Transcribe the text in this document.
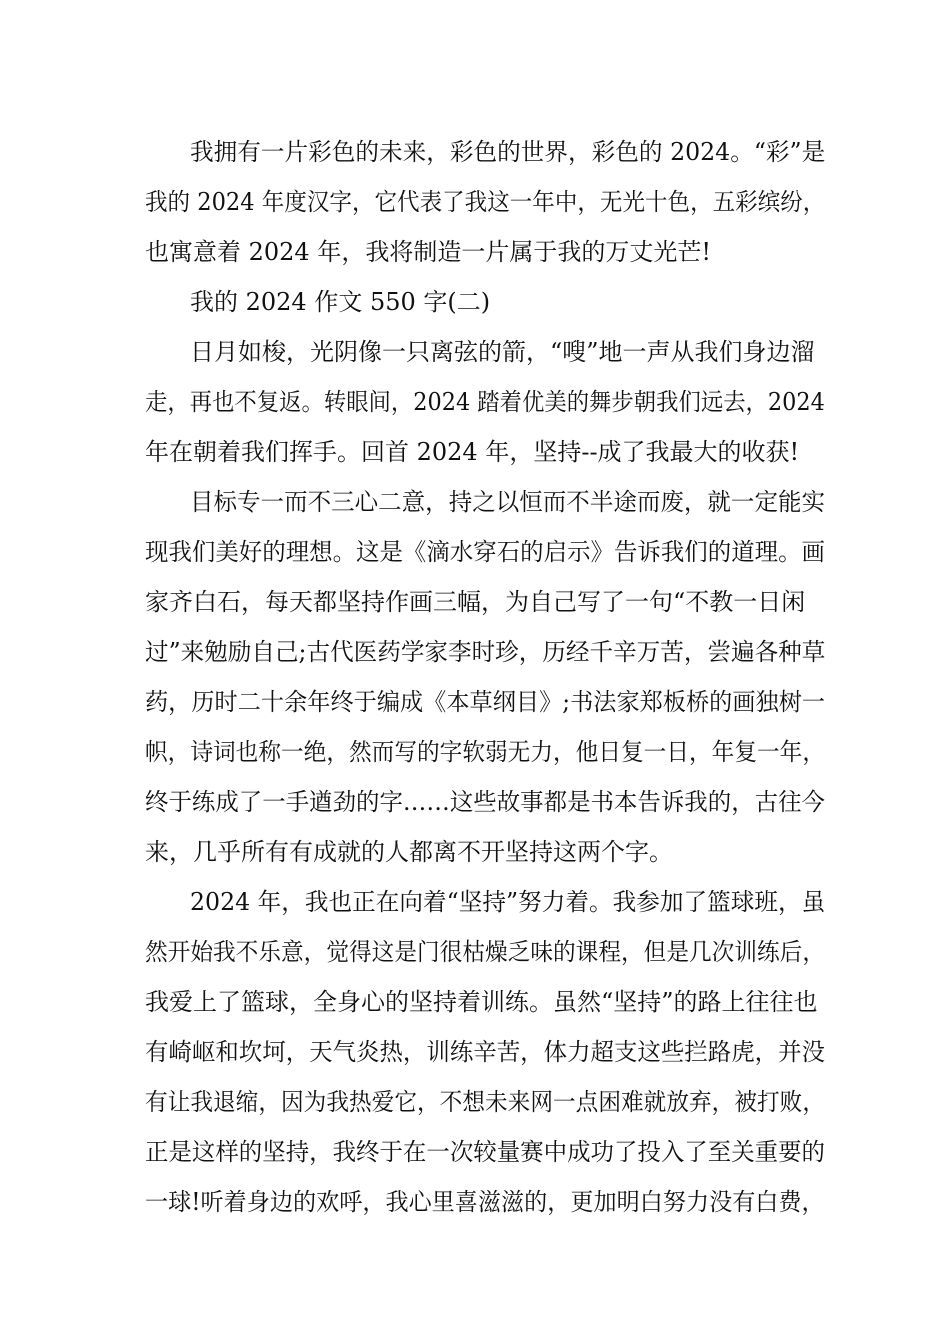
我拥有一片彩色的未来，彩色的世界，彩色的 2024。“彩”是
我的 2024 年度汉字，它代表了我这一年中，无光十色，五彩缤纷，
也寓意着 2024 年，我将制造一片属于我的万丈光芒!
我的 2024 作文 550 字(二)
日月如梭，光阴像一只离弦的箭，“嗖”地一声从我们身边溜
走，再也不复返。转眼间，2024 踏着优美的舞步朝我们远去，2024
年在朝着我们挥手。回首 2024 年，坚持--成了我最大的收获!
目标专一而不三心二意，持之以恒而不半途而废，就一定能实
现我们美好的理想。这是《滴水穿石的启示》告诉我们的道理。画
家齐白石，每天都坚持作画三幅，为自己写了一句“不教一日闲
过”来勉励自己;古代医药学家李时珍，历经千辛万苦，尝遍各种草
药，历时二十余年终于编成《本草纲目》;书法家郑板桥的画独树一
帜，诗词也称一绝，然而写的字软弱无力，他日复一日，年复一年，
终于练成了一手遒劲的字……这些故事都是书本告诉我的，古往今
来，几乎所有有成就的人都离不开坚持这两个字。
2024 年，我也正在向着“坚持”努力着。我参加了篮球班，虽
然开始我不乐意，觉得这是门很枯燥乏味的课程，但是几次训练后，
我爱上了篮球，全身心的坚持着训练。虽然“坚持”的路上往往也
有崎岖和坎坷，天气炎热，训练辛苦，体力超支这些拦路虎，并没
有让我退缩，因为我热爱它，不想未来网一点困难就放弃，被打败，
正是这样的坚持，我终于在一次较量赛中成功了投入了至关重要的
一球!听着身边的欢呼，我心里喜滋滋的，更加明白努力没有白费，
